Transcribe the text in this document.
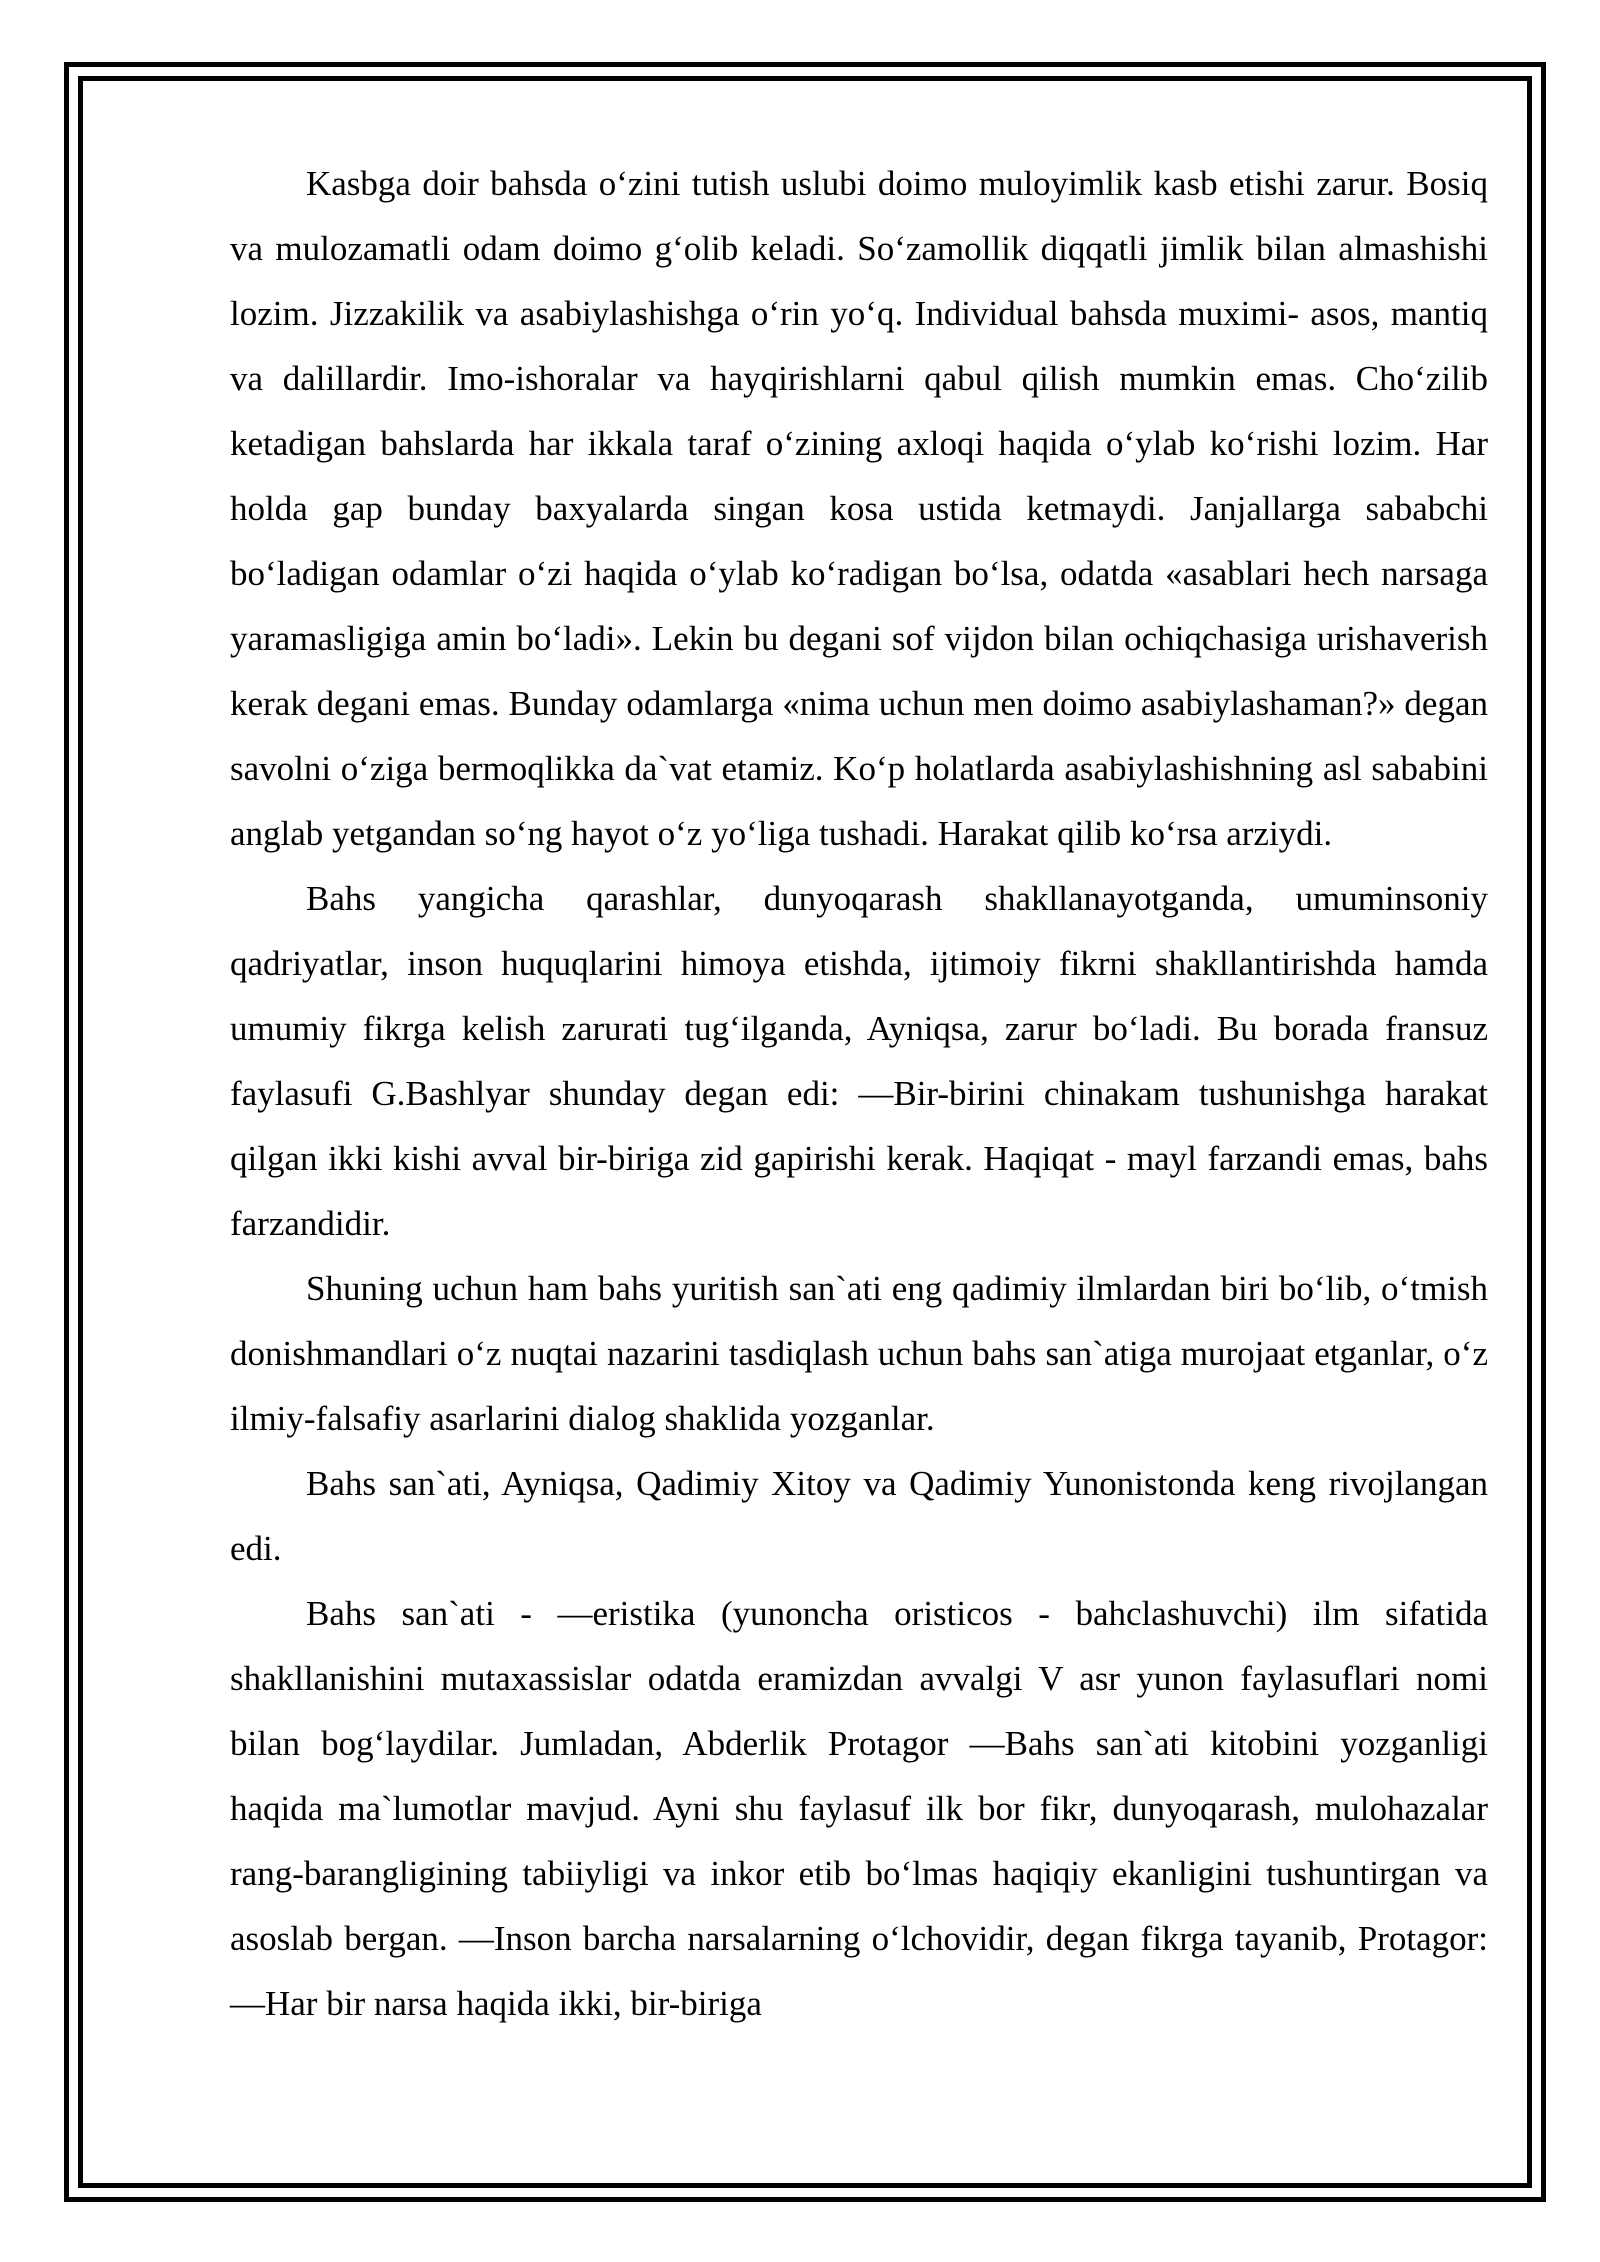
Kasbga doir bahsda o‘zini tutish uslubi doimo muloyimlik kasb etishi zarur. Bosiq va mulozamatli odam doimo g‘olib keladi. So‘zamollik diqqatli jimlik bilan almashishi lozim. Jizzakilik va asabiylashishga o‘rin yo‘q. Individual bahsda muximi- asos, mantiq va dalillardir. Imo-ishoralar va hayqirishlarni qabul qilish mumkin emas. Cho‘zilib ketadigan bahslarda har ikkala taraf o‘zining axloqi haqida o‘ylab ko‘rishi lozim. Har holda gap bunday baxyalarda singan kosa ustida ketmaydi. Janjallarga sababchi bo‘ladigan odamlar o‘zi haqida o‘ylab ko‘radigan bo‘lsa, odatda «asablari hech narsaga yaramasligiga amin bo‘ladi». Lekin bu degani sof vijdon bilan ochiqchasiga urishaverish kerak degani emas. Bunday odamlarga «nima uchun men doimo asabiylashaman?» degan savolni o‘ziga bermoqlikka da`vat etamiz. Ko‘p holatlarda asabiylashishning asl sababini anglab yetgandan so‘ng hayot o‘z yo‘liga tushadi. Harakat qilib ko‘rsa arziydi.

Bahs yangicha qarashlar, dunyoqarash shakllanayotganda, umuminsoniy qadriyatlar, inson huquqlarini himoya etishda, ijtimoiy fikrni shakllantirishda hamda umumiy fikrga kelish zarurati tug‘ilganda, Ayniqsa, zarur bo‘ladi. Bu borada fransuz faylasufi G.Bashlyar shunday degan edi: ―Bir-birini chinakam tushunishga harakat qilgan ikki kishi avval bir-biriga zid gapirishi kerak. Haqiqat - mayl farzandi emas, bahs farzandidir.

Shuning uchun ham bahs yuritish san`ati eng qadimiy ilmlardan biri bo‘lib, o‘tmish donishmandlari o‘z nuqtai nazarini tasdiqlash uchun bahs san`atiga murojaat etganlar, o‘z ilmiy-falsafiy asarlarini dialog shaklida yozganlar.

Bahs san`ati, Ayniqsa, Qadimiy Xitoy va Qadimiy Yunonistonda keng rivojlangan edi.

Bahs san`ati - ―eristika (yunoncha oristicos - bahclashuvchi) ilm sifatida shakllanishini mutaxassislar odatda eramizdan avvalgi V asr yunon faylasuflari nomi bilan bog‘laydilar. Jumladan, Abderlik Protagor ―Bahs san`ati kitobini yozganligi haqida ma`lumotlar mavjud. Ayni shu faylasuf ilk bor fikr, dunyoqarash, mulohazalar rang-barangligining tabiiyligi va inkor etib bo‘lmas haqiqiy ekanligini tushuntirgan va asoslab bergan. ―Inson barcha narsalarning o‘lchovidir, degan fikrga tayanib, Protagor: ―Har bir narsa haqida ikki, bir-biriga
